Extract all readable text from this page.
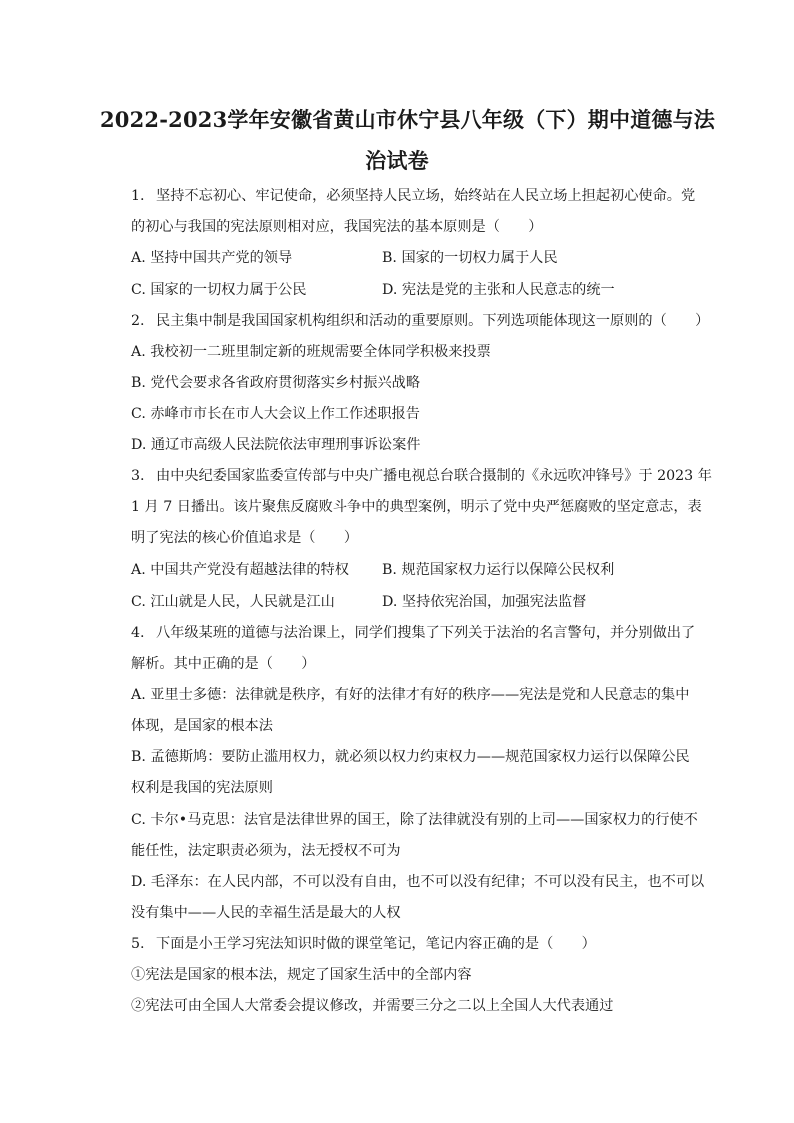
2022-2023学年安徽省黄山市休宁县八年级（下）期中道德与法
治试卷
1. 坚持不忘初心、牢记使命，必须坚持人民立场，始终站在人民立场上担起初心使命。党
的初心与我国的宪法原则相对应，我国宪法的基本原则是（　　）
A. 坚持中国共产党的领导	B. 国家的一切权力属于人民
C. 国家的一切权力属于公民	D. 宪法是党的主张和人民意志的统一
2. 民主集中制是我国国家机构组织和活动的重要原则。下列选项能体现这一原则的（　　）
A. 我校初一二班里制定新的班规需要全体同学积极来投票
B. 党代会要求各省政府贯彻落实乡村振兴战略
C. 赤峰市市长在市人大会议上作工作述职报告
D. 通辽市高级人民法院依法审理刑事诉讼案件
3. 由中央纪委国家监委宣传部与中央广播电视总台联合摄制的《永远吹冲锋号》于 2023 年
1 月 7 日播出。该片聚焦反腐败斗争中的典型案例，明示了党中央严惩腐败的坚定意志，表
明了宪法的核心价值追求是（　　）
A. 中国共产党没有超越法律的特权 B. 规范国家权力运行以保障公民权利
C. 江山就是人民，人民就是江山	D. 坚持依宪治国，加强宪法监督
4. 八年级某班的道德与法治课上，同学们搜集了下列关于法治的名言警句，并分别做出了
解析。其中正确的是（　　）
A. 亚里士多德：法律就是秩序，有好的法律才有好的秩序——宪法是党和人民意志的集中
体现，是国家的根本法
B. 孟德斯鸠：要防止滥用权力，就必须以权力约束权力——规范国家权力运行以保障公民
权利是我国的宪法原则
C. 卡尔•马克思：法官是法律世界的国王，除了法律就没有别的上司——国家权力的行使不
能任性，法定职责必须为，法无授权不可为
D. 毛泽东：在人民内部，不可以没有自由，也不可以没有纪律；不可以没有民主，也不可以
没有集中——人民的幸福生活是最大的人权
5. 下面是小王学习宪法知识时做的课堂笔记，笔记内容正确的是（　　）
①宪法是国家的根本法，规定了国家生活中的全部内容
②宪法可由全国人大常委会提议修改，并需要三分之二以上全国人大代表通过
